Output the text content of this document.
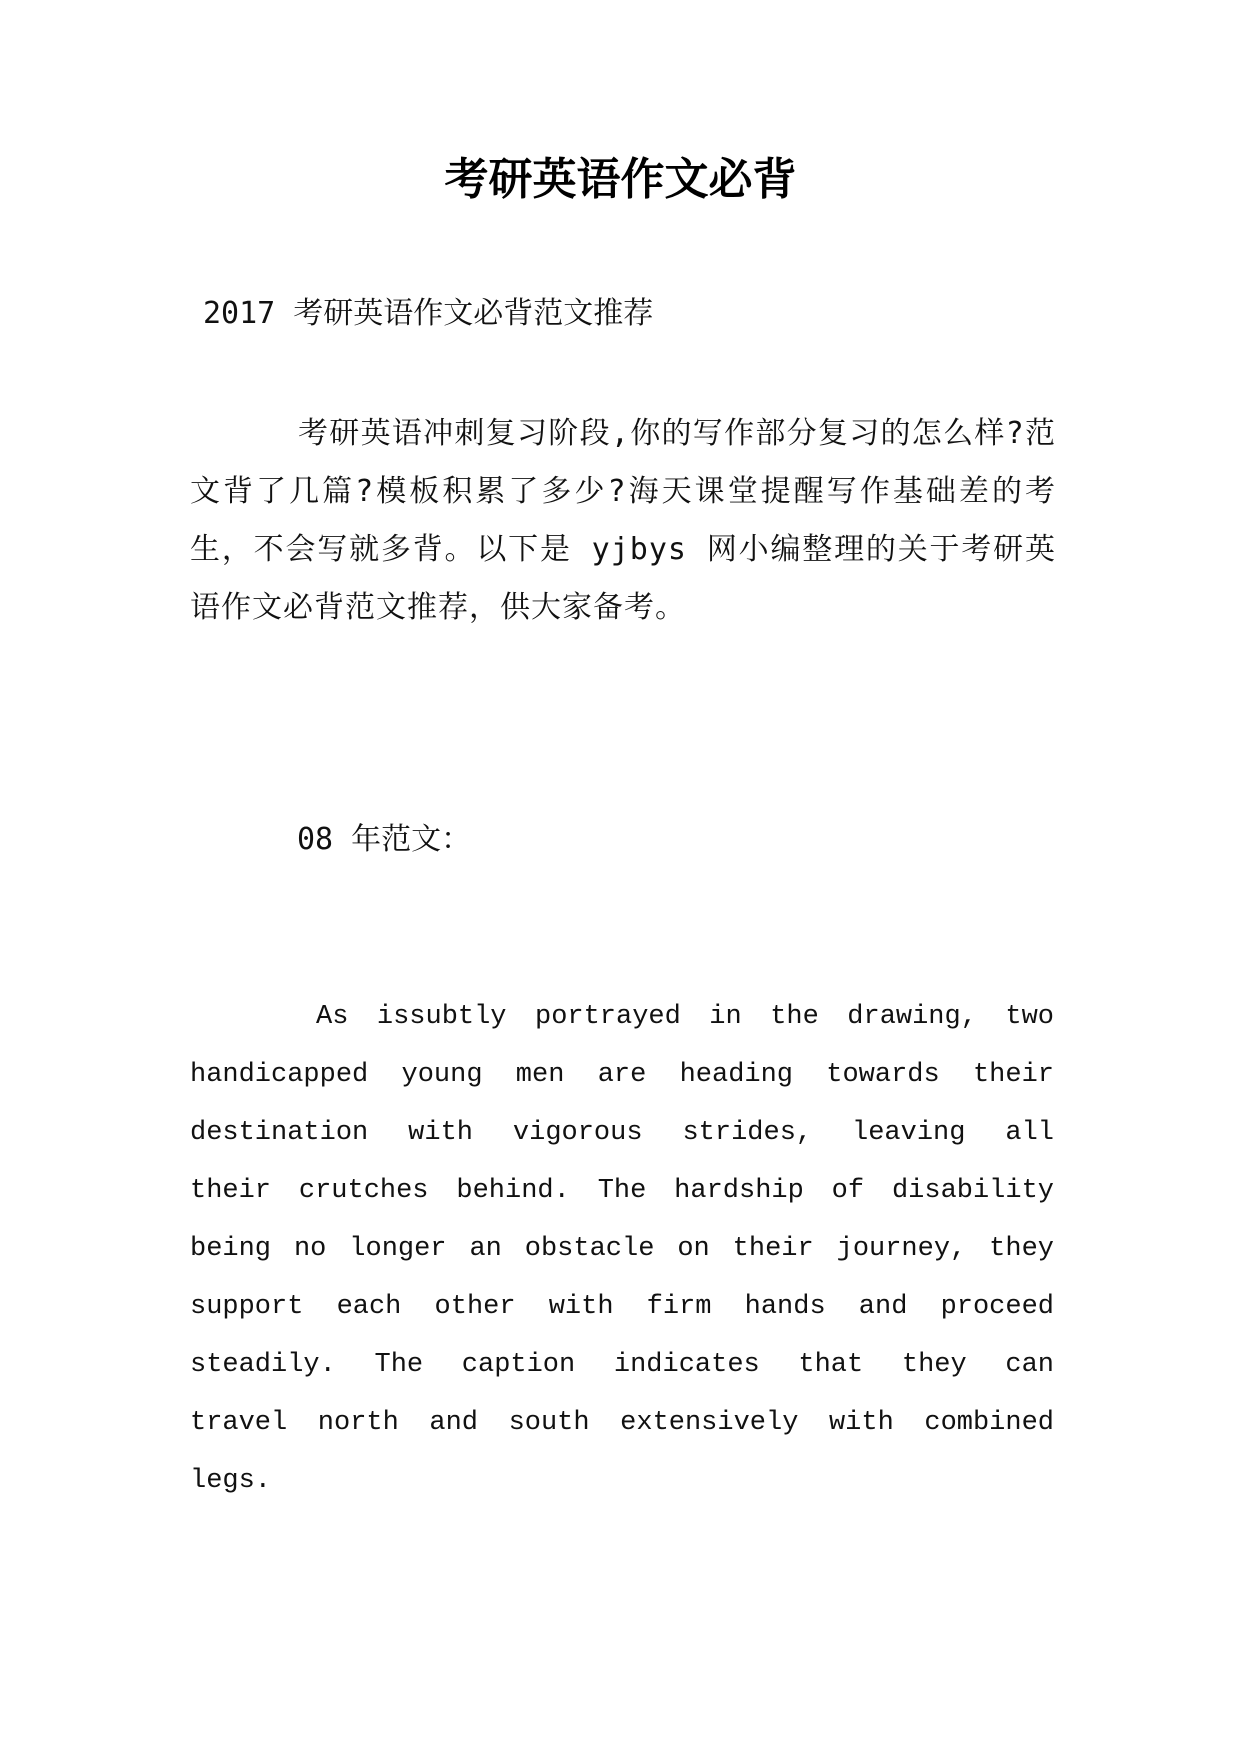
考研英语作文必背

2017 考研英语作文必背范文推荐

考研英语冲刺复习阶段,你的写作部分复习的怎么样?范文背了几篇?模板积累了多少?海天课堂提醒写作基础差的考生，不会写就多背。以下是 yjbys 网小编整理的关于考研英语作文必背范文推荐，供大家备考。

08 年范文：

As issubtly portrayed in the drawing, two handicapped young men are heading towards their destination with vigorous strides, leaving all their crutches behind. The hardship of disability being no longer an obstacle on their journey, they support each other with firm hands and proceed steadily. The caption indicates that they can travel north and south extensively with combined legs.
